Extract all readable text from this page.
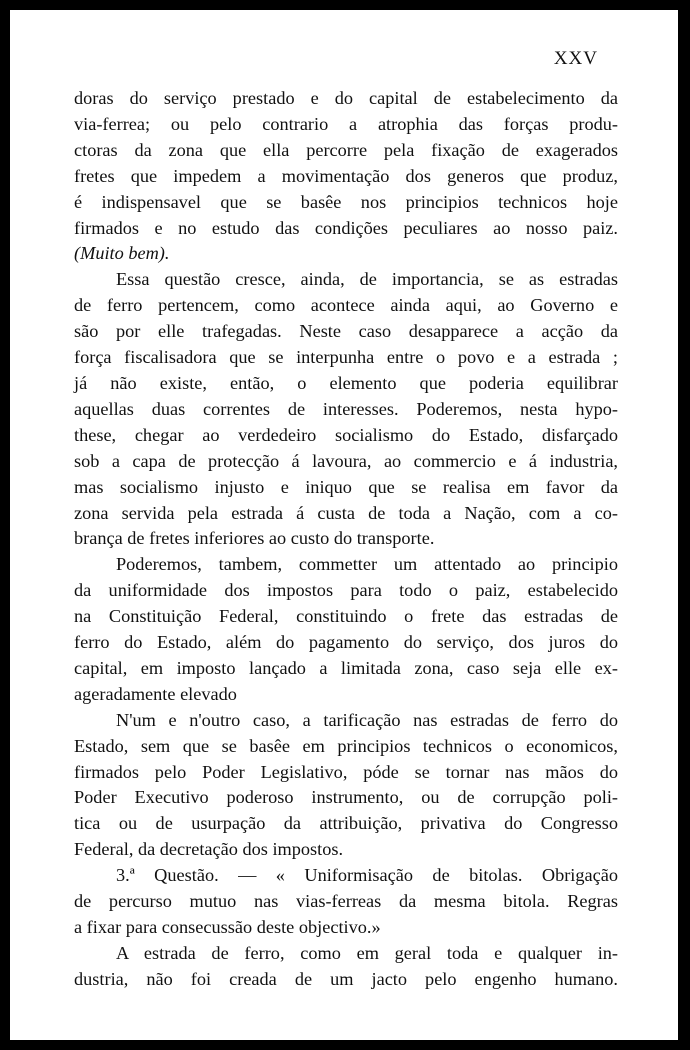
XXV
doras do serviço prestado e do capital de estabelecimento da
via-ferrea; ou pelo contrario a atrophia das forças produ-
ctoras da zona que ella percorre pela fixação de exagerados
fretes que impedem a movimentação dos generos que produz,
é indispensavel que se basêe nos principios technicos hoje
firmados e no estudo das condições peculiares ao nosso paiz.
(Muito bem).
Essa questão cresce, ainda, de importancia, se as estradas
de ferro pertencem, como acontece ainda aqui, ao Governo e
são por elle trafegadas. Neste caso desapparece a acção da
força fiscalisadora que se interpunha entre o povo e a estrada ;
já não existe, então, o elemento que poderia equilibrar
aquellas duas correntes de interesses. Poderemos, nesta hypo-
these, chegar ao verdedeiro socialismo do Estado, disfarçado
sob a capa de protecção á lavoura, ao commercio e á industria,
mas socialismo injusto e iniquo que se realisa em favor da
zona servida pela estrada á custa de toda a Nação, com a co-
brança de fretes inferiores ao custo do transporte.
Poderemos, tambem, commetter um attentado ao principio
da uniformidade dos impostos para todo o paiz, estabelecido
na Constituição Federal, constituindo o frete das estradas de
ferro do Estado, além do pagamento do serviço, dos juros do
capital, em imposto lançado a limitada zona, caso seja elle ex-
ageradamente elevado
N'um e n'outro caso, a tarificação nas estradas de ferro do
Estado, sem que se basêe em principios technicos o economicos,
firmados pelo Poder Legislativo, póde se tornar nas mãos do
Poder Executivo poderoso instrumento, ou de corrupção poli-
tica ou de usurpação da attribuição, privativa do Congresso
Federal, da decretação dos impostos.
3.ª Questão. — « Uniformisação de bitolas. Obrigação
de percurso mutuo nas vias-ferreas da mesma bitola. Regras
a fixar para consecussão deste objectivo.»
A estrada de ferro, como em geral toda e qualquer in-
dustria, não foi creada de um jacto pelo engenho humano.
